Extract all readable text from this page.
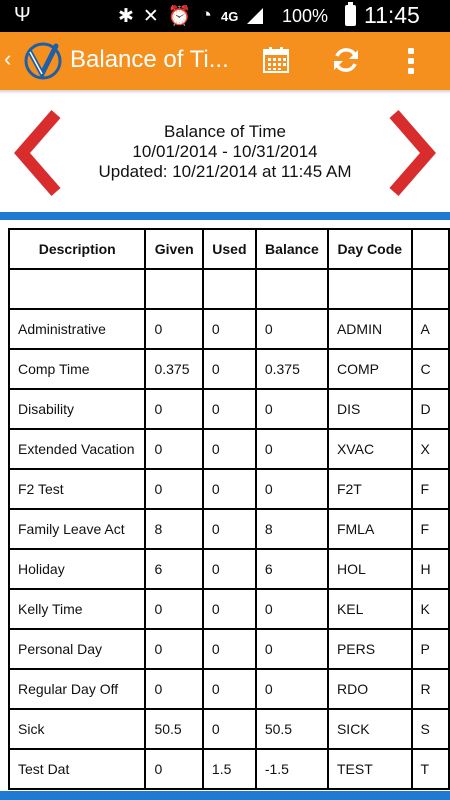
Ψ	✱ ✕ ⏰ ◔ 4G 100% 11:45
‹ Balance of Ti...
Balance of Time
10/01/2014 - 10/31/2014
Updated: 10/21/2014 at 11:45 AM
Description	Given	Used	Balance	Day Code	

Administrative	0	0	0	ADMIN	A
Comp Time	0.375	0	0.375	COMP	C
Disability	0	0	0	DIS	D
Extended Vacation	0	0	0	XVAC	X
F2 Test	0	0	0	F2T	F
Family Leave Act	8	0	8	FMLA	F
Holiday	6	0	6	HOL	H
Kelly Time	0	0	0	KEL	K
Personal Day	0	0	0	PERS	P
Regular Day Off	0	0	0	RDO	R
Sick	50.5	0	50.5	SICK	S
Test Dat	0	1.5	-1.5	TEST	T
